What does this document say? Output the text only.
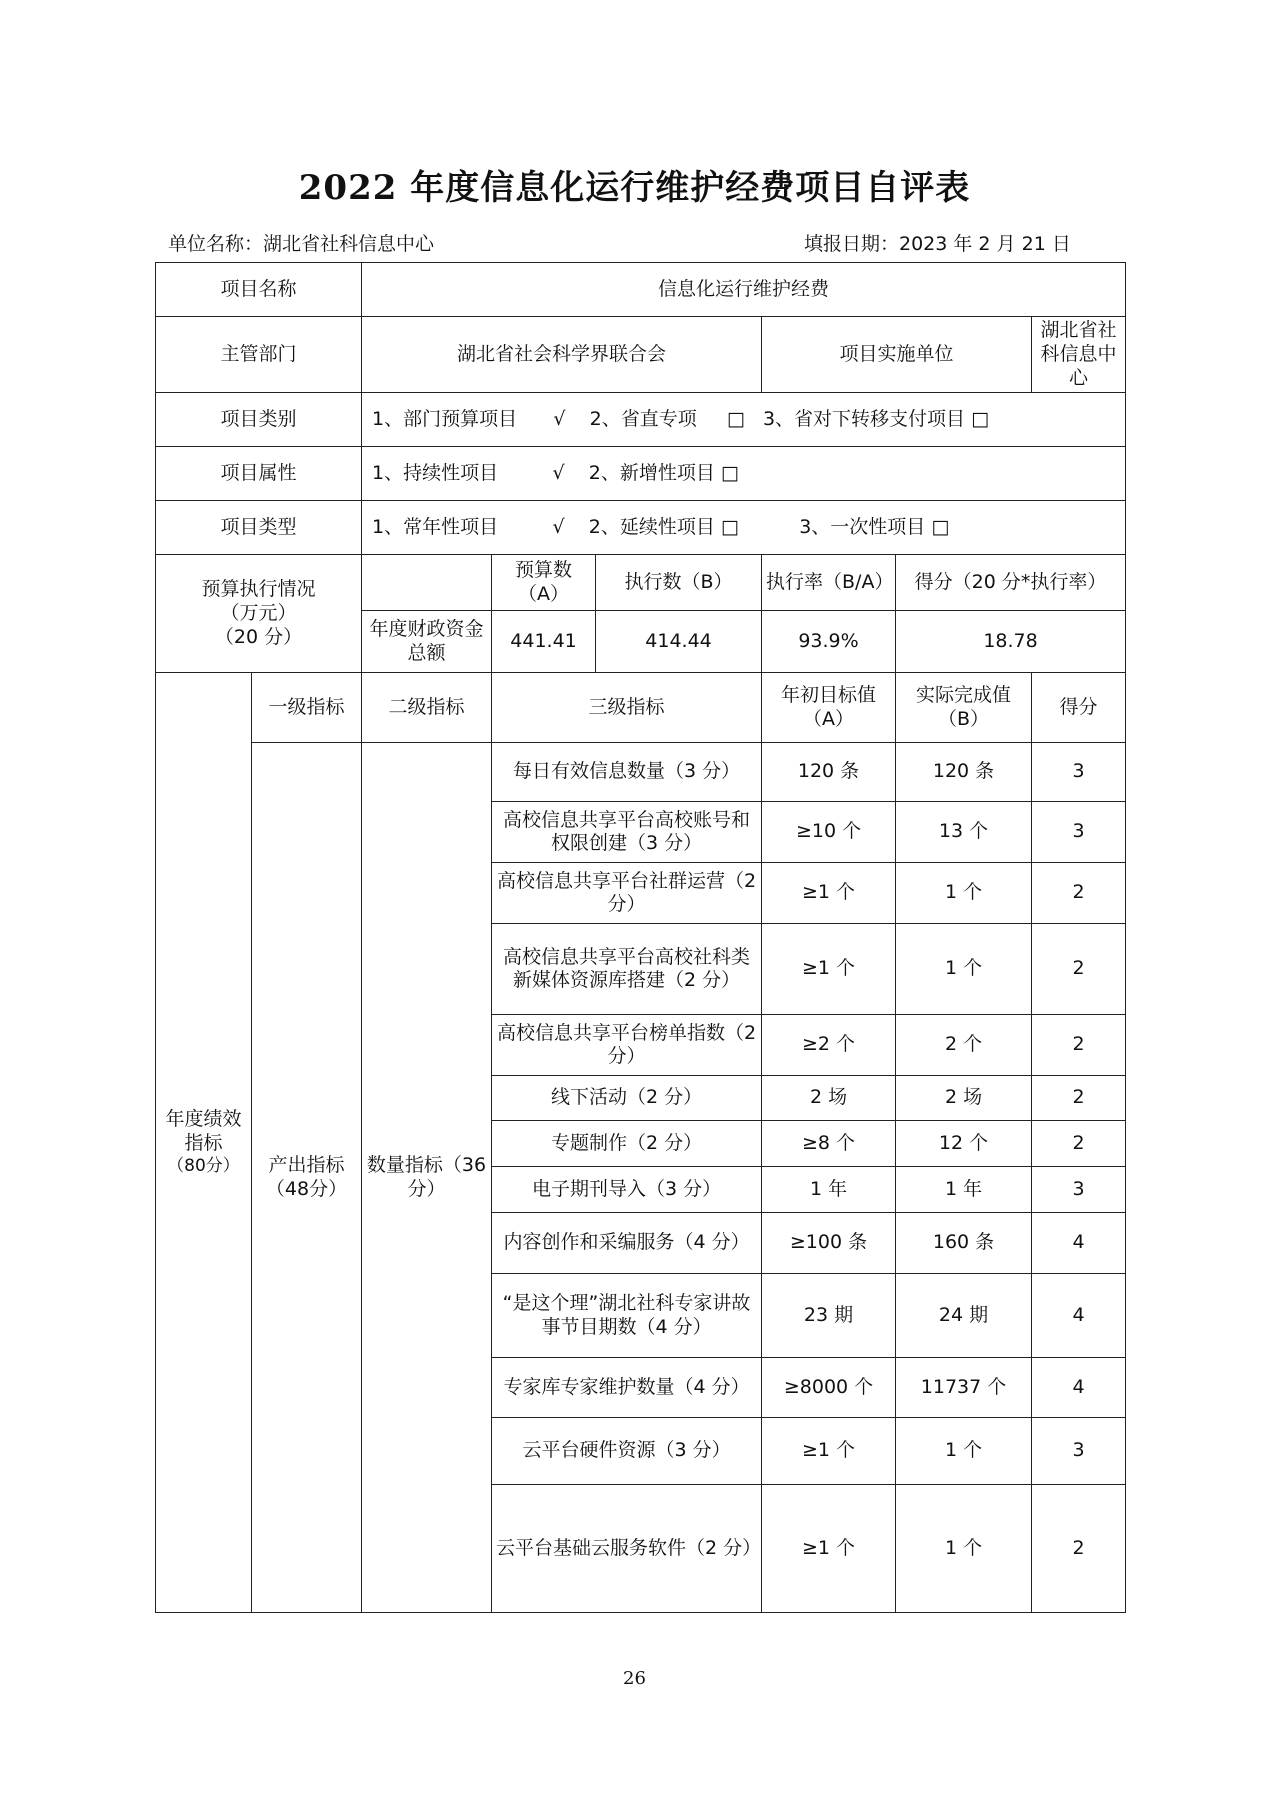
2022 年度信息化运行维护经费项目自评表
单位名称：湖北省社科信息中心	填报日期：2023 年 2 月 21 日
项目名称		信息化运行维护经费					
主管部门		湖北省社会科学界联合会			项目实施单位		湖北省社科信息中心
项目类别		1、部门预算项目      √    2、省直专项     □   3、省对下转移支付项目 □					
项目属性		1、持续性项目         √    2、新增性项目 □					
项目类型		1、常年性项目         √    2、延续性项目 □          3、一次性项目 □					

预算执行情况
（万元）
（20 分）			预算数（A）	执行数（B）	执行率（B/A）	得分（20 分*执行率）	
		年度财政资金总额	441.41	414.44	93.9%	18.78	

年度绩效指标
（80分）	一级指标	二级指标	三级指标		年初目标值（A）	实际完成值（B）	得分
	产出指标（48分）	数量指标（36 分）	每日有效信息数量（3 分）		120 条	120 条	3
			高校信息共享平台高校账号和权限创建（3 分）		≥10 个	13 个	3
			高校信息共享平台社群运营（2 分）		≥1 个	1 个	2
			高校信息共享平台高校社科类新媒体资源库搭建（2 分）		≥1 个	1 个	2
			高校信息共享平台榜单指数（2 分）		≥2 个	2 个	2
			线下活动（2 分）		2 场	2 场	2
			专题制作（2 分）		≥8 个	12 个	2
			电子期刊导入（3 分）		1 年	1 年	3
			内容创作和采编服务（4 分）		≥100 条	160 条	4
			“是这个理”湖北社科专家讲故事节目期数（4 分）		23 期	24 期	4
			专家库专家维护数量（4 分）		≥8000 个	11737 个	4
			云平台硬件资源（3 分）		≥1 个	1 个	3
			云平台基础云服务软件（2 分）		≥1 个	1 个	2
26
